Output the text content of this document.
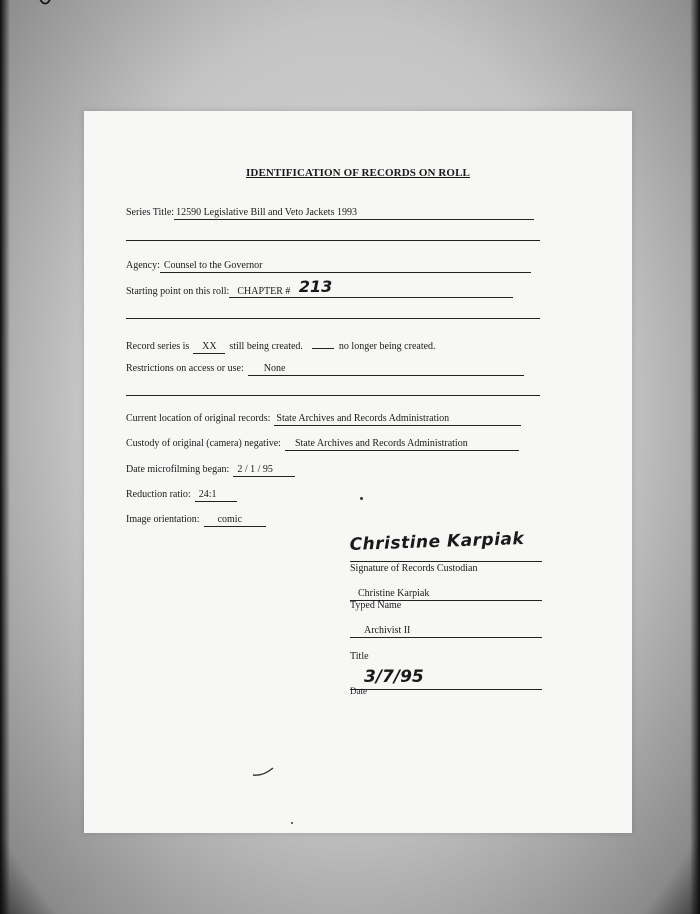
IDENTIFICATION OF RECORDS ON ROLL
Series Title: 12590 Legislative Bill and Veto Jackets 1993
Agency: Counsel to the Governor
Starting point on this roll: CHAPTER # 213
Record series is	XX	still being created.	no longer being created.
Restrictions on access or use:	None
Current location of original records: State Archives and Records Administration
Custody of original (camera) negative:	State Archives and Records Administration
Date microfilming began: 2 / 1 / 95
Reduction ratio: 24:1
Image orientation:	comic
Christine Karpiak
Signature of Records Custodian
Christine Karpiak
Typed Name
Archivist II
Title
3/7/95
Date
